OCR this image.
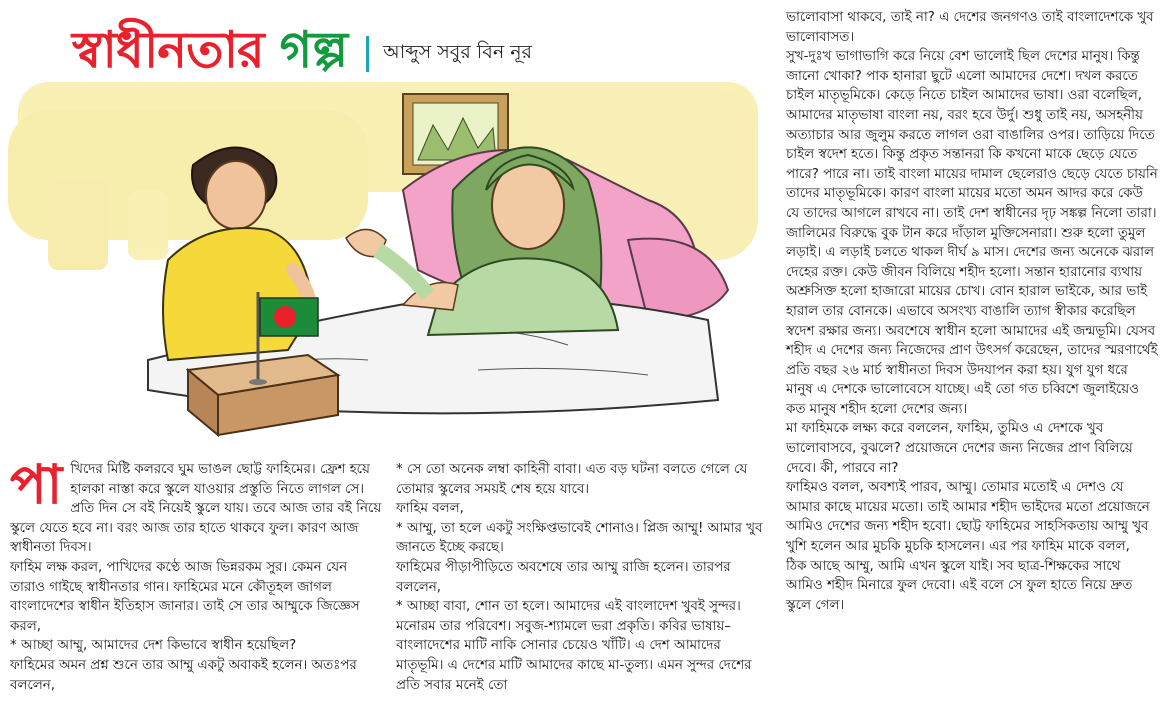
স্বাধীনতার গল্প আব্দুস সবুর বিন নূর
পা খিদের মিষ্টি কলরবে ঘুম ভাঙল ছোট্ট ফাহিমের। ফ্রেশ হয়ে হালকা নাস্তা করে স্কুলে যাওয়ার প্রস্তুতি নিতে লাগল সে। প্রতি দিন সে বই নিয়েই স্কুলে যায়। তবে আজ তার বই নিয়ে স্কুলে যেতে হবে না। বরং আজ তার হাতে থাকবে ফুল। কারণ আজ স্বাধীনতা দিবস।

ফাহিম লক্ষ করল, পাখিদের কণ্ঠে আজ ভিন্নরকম সুর। কেমন যেন তারাও গাইছে স্বাধীনতার গান। ফাহিমের মনে কৌতূহল জাগল বাংলাদেশের স্বাধীন ইতিহাস জানার। তাই সে তার আম্মুকে জিজ্ঞেস করল,

* আচ্ছা আম্মু, আমাদের দেশ কিভাবে স্বাধীন হয়েছিল?

ফাহিমের অমন প্রশ্ন শুনে তার আম্মু একটু অবাকই হলেন। অতঃপর বললেন,

* সে তো অনেক লম্বা কাহিনী বাবা। এত বড় ঘটনা বলতে গেলে যে তোমার স্কুলের সময়ই শেষ হয়ে যাবে।

ফাহিম বলল,

* আম্মু, তা হলে একটু সংক্ষিপ্তভাবেই শোনাও। প্লিজ আম্মু! আমার খুব জানতে ইচ্ছে করছে।

ফাহিমের পীড়াপীড়িতে অবশেষে তার আম্মু রাজি হলেন। তারপর বললেন,

* আচ্ছা বাবা, শোন তা হলে। আমাদের এই বাংলাদেশ খুবই সুন্দর। মনোরম তার পরিবেশ। সবুজ-শ্যামলে ভরা প্রকৃতি। কবির ভাষায়– বাংলাদেশের মাটি নাকি সোনার চেয়েও খাঁটি। এ দেশ আমাদের মাতৃভূমি। এ দেশের মাটি আমাদের কাছে মা-তুল্য। এমন সুন্দর দেশের প্রতি সবার মনেই তো

ভালোবাসা থাকবে, তাই না? এ দেশের জনগণও তাই বাংলাদেশকে খুব ভালোবাসত।

সুখ-দুঃখ ভাগাভাগি করে নিয়ে বেশ ভালোই ছিল দেশের মানুষ। কিন্তু জানো খোকা? পাক হানারা ছুটে এলো আমাদের দেশে। দখল করতে চাইল মাতৃভূমিকে। কেড়ে নিতে চাইল আমাদের ভাষা। ওরা বলেছিল, আমাদের মাতৃভাষা বাংলা নয়, বরং হবে উর্দু। শুধু তাই নয়, অসহনীয় অত্যাচার আর জুলুম করতে লাগল ওরা বাঙালির ওপর। তাড়িয়ে দিতে চাইল স্বদেশ হতে। কিন্তু প্রকৃত সন্তানরা কি কখনো মাকে ছেড়ে যেতে পারে? পারে না। তাই বাংলা মায়ের দামাল ছেলেরাও ছেড়ে যেতে চায়নি তাদের মাতৃভূমিকে। কারণ বাংলা মায়ের মতো অমন আদর করে কেউ যে তাদের আগলে রাখবে না। তাই দেশ স্বাধীনের দৃঢ় সঙ্কল্প নিলো তারা। জালিমের বিরুদ্ধে বুক টান করে দাঁড়াল মুক্তিসেনারা। শুরু হলো তুমুল লড়াই। এ লড়াই চলতে থাকল দীর্ঘ ৯ মাস। দেশের জন্য অনেকে ঝরাল দেহের রক্ত। কেউ জীবন বিলিয়ে শহীদ হলো। সন্তান হারানোর ব্যথায় অশ্রুসিক্ত হলো হাজারো মায়ের চোখ। বোন হারাল ভাইকে, আর ভাই হারাল তার বোনকে। এভাবে অসংখ্য বাঙালি ত্যাগ স্বীকার করেছিল স্বদেশ রক্ষার জন্য। অবশেষে স্বাধীন হলো আমাদের এই জন্মভূমি। যেসব শহীদ এ দেশের জন্য নিজেদের প্রাণ উৎসর্গ করেছেন, তাদের স্মরণার্থেই প্রতি বছর ২৬ মার্চ স্বাধীনতা দিবস উদযাপন করা হয়। যুগ যুগ ধরে মানুষ এ দেশকে ভালোবেসে যাচ্ছে। এই তো গত চব্বিশে জুলাইয়েও কত মানুষ শহীদ হলো দেশের জন্য।

মা ফাহিমকে লক্ষ্য করে বললেন, ফাহিম, তুমিও এ দেশকে খুব ভালোবাসবে, বুঝলে? প্রয়োজনে দেশের জন্য নিজের প্রাণ বিলিয়ে দেবে। কী, পারবে না?

ফাহিমও বলল, অবশ্যই পারব, আম্মু। তোমার মতোই এ দেশও যে আমার কাছে মায়ের মতো। তাই আমার শহীদ ভাইদের মতো প্রয়োজনে আমিও দেশের জন্য শহীদ হবো। ছোট্ট ফাহিমের সাহসিকতায় আম্মু খুব খুশি হলেন আর মুচকি মুচকি হাসলেন। এর পর ফাহিম মাকে বলল,

ঠিক আছে আম্মু, আমি এখন স্কুলে যাই। সব ছাত্র-শিক্ষকের সাথে আমিও শহীদ মিনারে ফুল দেবো। এই বলে সে ফুল হাতে নিয়ে দ্রুত স্কুলে গেল।
